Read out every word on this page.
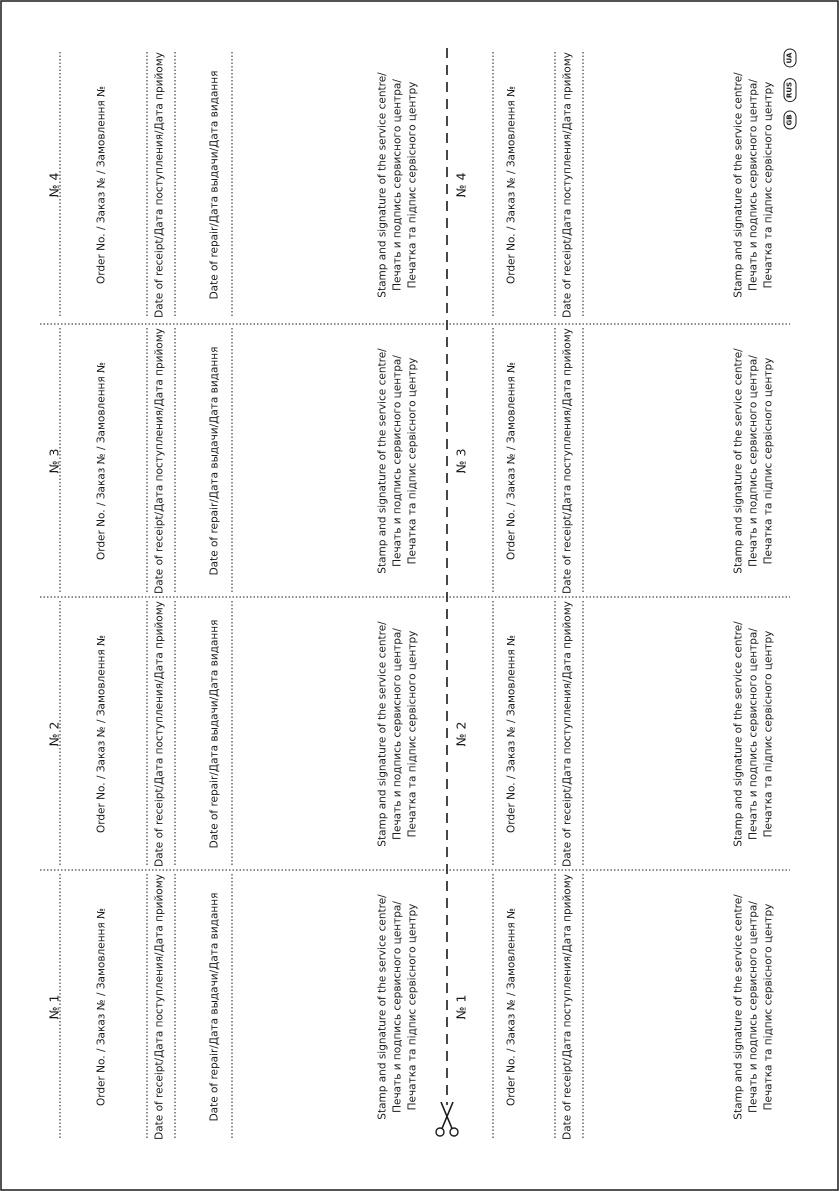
№ 1	Order No. / Заказ № / Замовлення №	Date of receipt/Дата поступления/Дата прийому	Date of repair/Дата выдачи/Дата видання	Stamp and signature of the service centre/ Печать и подпись сервисного центра/ Печатка та підпис сервісного центру	№ 1	Order No. / Заказ № / Замовлення №	Date of receipt/Дата поступления/Дата прийому	Stamp and signature of the service centre/ Печать и подпись сервисного центра/ Печатка та підпис сервісного центру
№ 2	Order No. / Заказ № / Замовлення №	Date of receipt/Дата поступления/Дата прийому	Date of repair/Дата выдачи/Дата видання	Stamp and signature of the service centre/ Печать и подпись сервисного центра/ Печатка та підпис сервісного центру	№ 2	Order No. / Заказ № / Замовлення №	Date of receipt/Дата поступления/Дата прийому	Stamp and signature of the service centre/ Печать и подпись сервисного центра/ Печатка та підпис сервісного центру
№ 3	Order No. / Заказ № / Замовлення №	Date of receipt/Дата поступления/Дата прийому	Date of repair/Дата выдачи/Дата видання	Stamp and signature of the service centre/ Печать и подпись сервисного центра/ Печатка та підпис сервісного центру	№ 3	Order No. / Заказ № / Замовлення №	Date of receipt/Дата поступления/Дата прийому	Stamp and signature of the service centre/ Печать и подпись сервисного центра/ Печатка та підпис сервісного центру
№ 4	Order No. / Заказ № / Замовлення №	Date of receipt/Дата поступления/Дата прийому	Date of repair/Дата выдачи/Дата видання	Stamp and signature of the service centre/ Печать и подпись сервисного центра/ Печатка та підпис сервісного центру	№ 4	Order No. / Заказ № / Замовлення №	Date of receipt/Дата поступления/Дата прийому	Stamp and signature of the service centre/ Печать и подпись сервисного центра/ Печатка та підпис сервісного центру GB
RUS
UA
